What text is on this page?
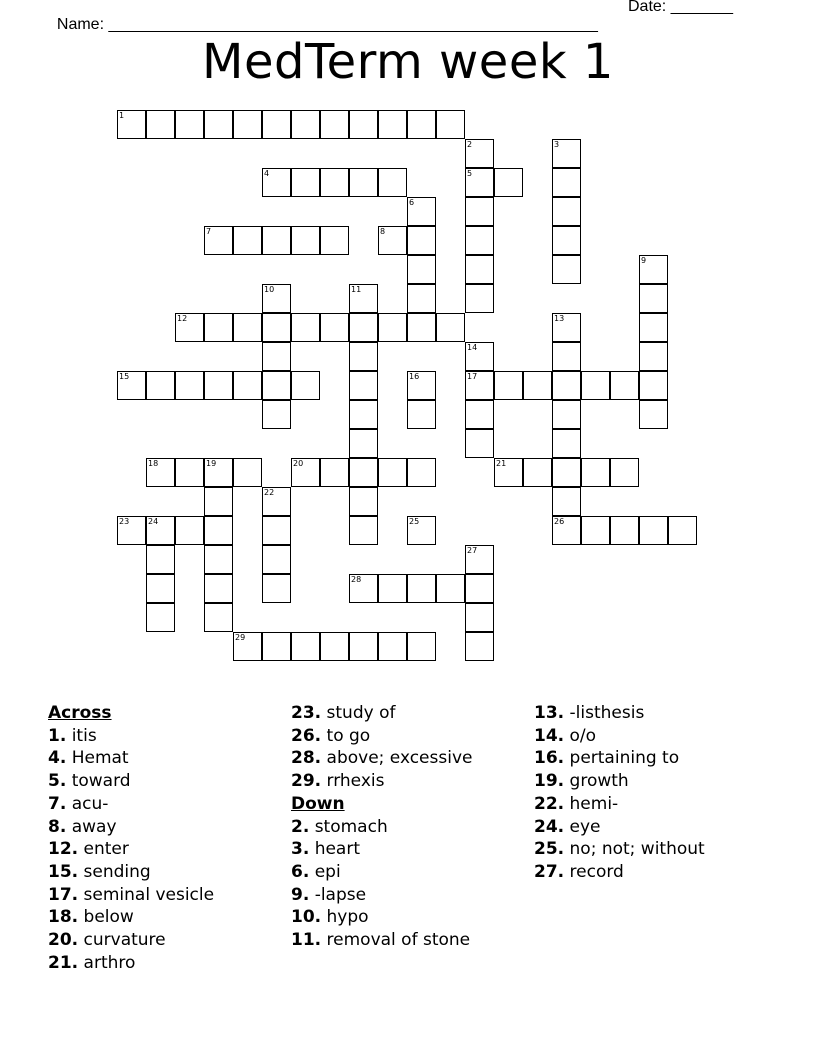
Name: _______________________________________________________

Date: _______

MedTerm week 1
1
4	5
7	8
12
15	17
18	19	20	21
23 24	26
28
29
2	3
6
9
10	11
13
14
16
22
25
27
Across
1. itis
4. Hemat
5. toward
7. acu-
8. away
12. enter
15. sending
17. seminal vesicle
18. below
20. curvature
21. arthro
23. study of
26. to go
28. above; excessive
29. rrhexis
Down
2. stomach
3. heart
6. epi
9. -lapse
10. hypo
11. removal of stone
13. -listhesis
14. o/o
16. pertaining to
19. growth
22. hemi-
24. eye
25. no; not; without
27. record
